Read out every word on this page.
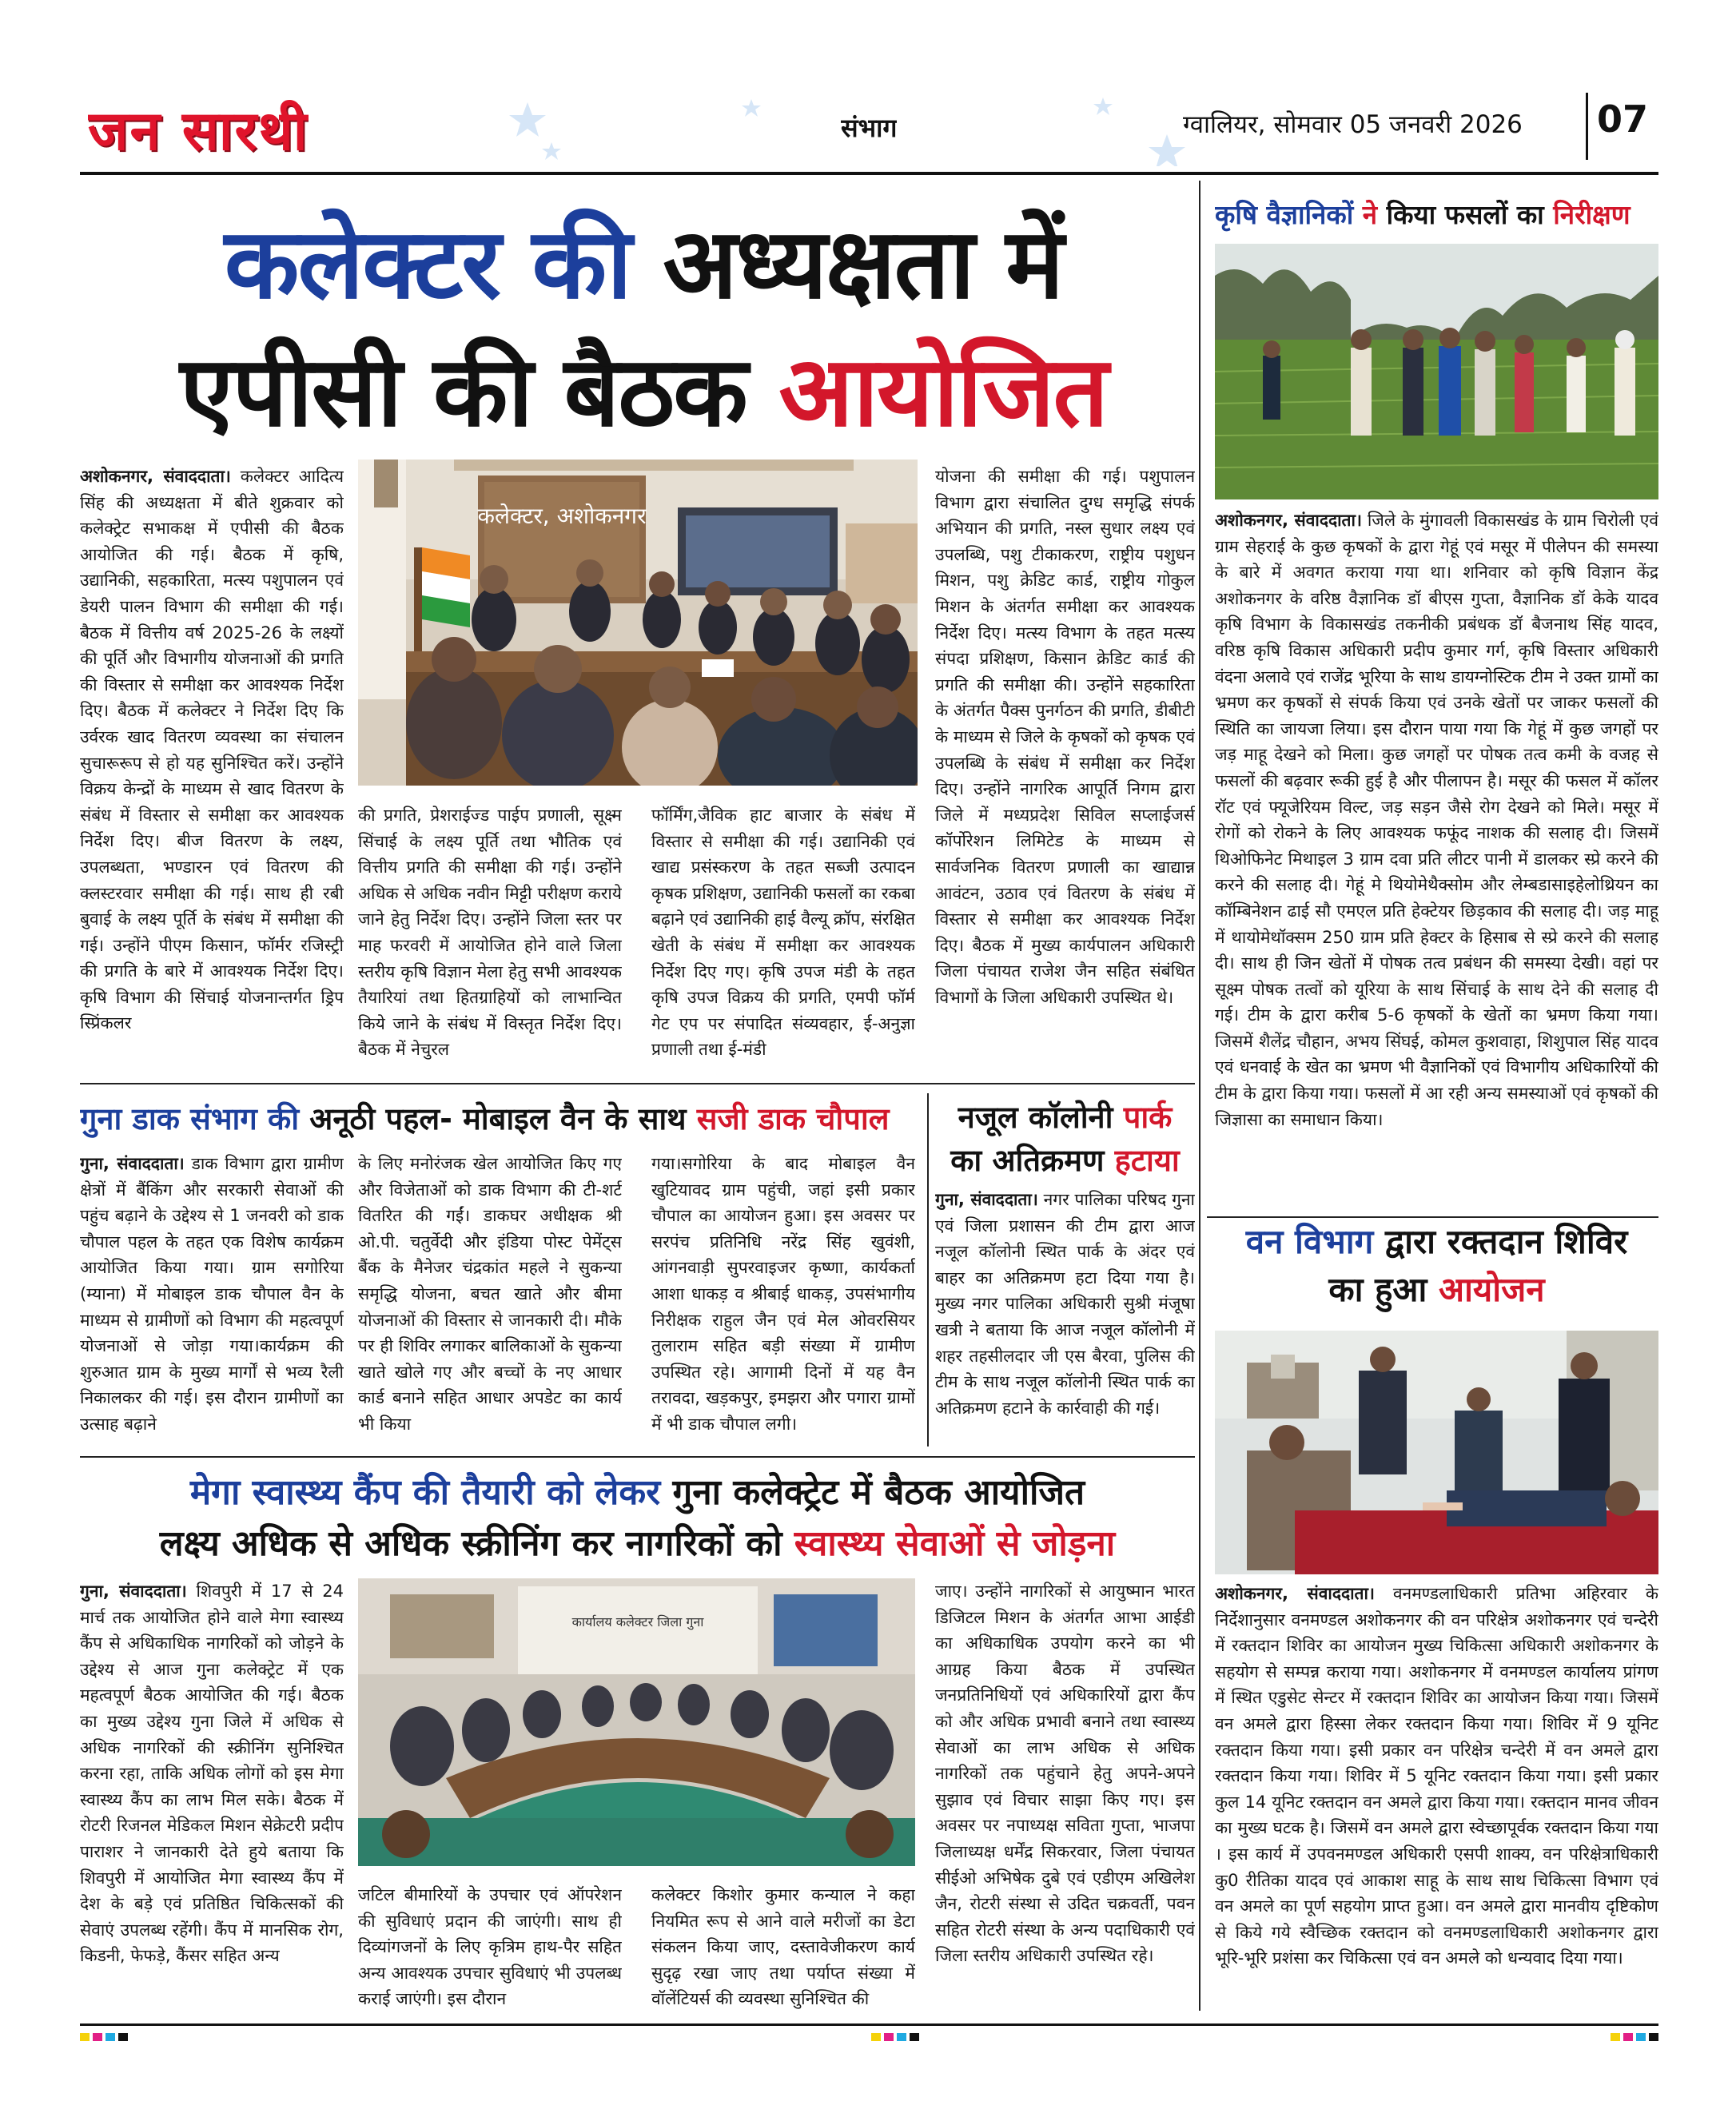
जन सारथी	संभाग	ग्वालियर, सोमवार 05 जनवरी 2026 07
कलेक्टर की अध्यक्षता में
एपीसी की बैठक आयोजित
अशोकनगर, संवाददाता। कलेक्टर आदित्य सिंह की अध्यक्षता में बीते शुक्रवार को कलेक्ट्रेट सभाकक्ष में एपीसी की बैठक आयोजित की गई। बैठक में कृषि, उद्यानिकी, सहकारिता, मत्स्य पशुपालन एवं डेयरी पालन विभाग की समीक्षा की गई। बैठक में वित्तीय वर्ष 2025-26 के लक्ष्यों की पूर्ति और विभागीय योजनाओं की प्रगति की विस्तार से समीक्षा कर आवश्यक निर्देश दिए। बैठक में कलेक्टर ने निर्देश दिए कि उर्वरक खाद वितरण व्यवस्था का संचालन सुचारूरूप से हो यह सुनिश्चित करें। उन्होंने विक्रय केन्द्रों के माध्यम से खाद वितरण के संबंध में विस्तार से समीक्षा कर आवश्यक निर्देश दिए। बीज वितरण के लक्ष्य, उपलब्धता, भण्डारन एवं वितरण की क्लस्टरवार समीक्षा की गई। साथ ही रबी बुवाई के लक्ष्य पूर्ति के संबंध में समीक्षा की गई। उन्होंने पीएम किसान, फॉर्मर रजिस्ट्री की प्रगति के बारे में आवश्यक निर्देश दिए। कृषि विभाग की सिंचाई योजनान्तर्गत ड्रिप स्प्रिंकलर
कलेक्टर, अशोकनगर
की प्रगति, प्रेशराईज्ड पाईप प्रणाली, सूक्ष्म सिंचाई के लक्ष्य पूर्ति तथा भौतिक एवं वित्तीय प्रगति की समीक्षा की गई। उन्होंने अधिक से अधिक नवीन मिट्टी परीक्षण कराये जाने हेतु निर्देश दिए। उन्होंने जिला स्तर पर माह फरवरी में आयोजित होने वाले जिला स्तरीय कृषि विज्ञान मेला हेतु सभी आवश्यक तैयारियां तथा हितग्राहियों को लाभान्वित किये जाने के संबंध में विस्तृत निर्देश दिए। बैठक में नेचुरल
फॉर्मिंग,जैविक हाट बाजार के संबंध में विस्तार से समीक्षा की गई। उद्यानिकी एवं खाद्य प्रसंस्करण के तहत सब्जी उत्पादन कृषक प्रशिक्षण, उद्यानिकी फसलों का रकबा बढ़ाने एवं उद्यानिकी हाई वैल्यू क्रॉप, संरक्षित खेती के संबंध में समीक्षा कर आवश्यक निर्देश दिए गए। कृषि उपज मंडी के तहत कृषि उपज विक्रय की प्रगति, एमपी फॉर्म गेट एप पर संपादित संव्यवहार, ई-अनुज्ञा प्रणाली तथा ई-मंडी
योजना की समीक्षा की गई। पशुपालन विभाग द्वारा संचालित दुग्ध समृद्धि संपर्क अभियान की प्रगति, नस्ल सुधार लक्ष्य एवं उपलब्धि, पशु टीकाकरण, राष्ट्रीय पशुधन मिशन, पशु क्रेडिट कार्ड, राष्ट्रीय गोकुल मिशन के अंतर्गत समीक्षा कर आवश्यक निर्देश दिए। मत्स्य विभाग के तहत मत्स्य संपदा प्रशिक्षण, किसान क्रेडिट कार्ड की प्रगति की समीक्षा की। उन्होंने सहकारिता के अंतर्गत पैक्स पुनर्गठन की प्रगति, डीबीटी के माध्यम से जिले के कृषकों को कृषक एवं उपलब्धि के संबंध में समीक्षा कर निर्देश दिए। उन्होंने नागरिक आपूर्ति निगम द्वारा जिले में मध्यप्रदेश सिविल सप्लाईजर्स कॉर्पोरेशन लिमिटेड के माध्यम से सार्वजनिक वितरण प्रणाली का खाद्यान्न आवंटन, उठाव एवं वितरण के संबंध में विस्तार से समीक्षा कर आवश्यक निर्देश दिए। बैठक में मुख्य कार्यपालन अधिकारी जिला पंचायत राजेश जैन सहित संबंधित विभागों के जिला अधिकारी उपस्थित थे।
कृषि वैज्ञानिकों ने किया फसलों का निरीक्षण
अशोकनगर, संवाददाता। जिले के मुंगावली विकासखंड के ग्राम चिरोली एवं ग्राम सेहराई के कुछ कृषकों के द्वारा गेहूं एवं मसूर में पीलेपन की समस्या के बारे में अवगत कराया गया था। शनिवार को कृषि विज्ञान केंद्र अशोकनगर के वरिष्ठ वैज्ञानिक डॉ बीएस गुप्ता, वैज्ञानिक डॉ केके यादव कृषि विभाग के विकासखंड तकनीकी प्रबंधक डॉ बैजनाथ सिंह यादव, वरिष्ठ कृषि विकास अधिकारी प्रदीप कुमार गर्ग, कृषि विस्तार अधिकारी वंदना अलावे एवं राजेंद्र भूरिया के साथ डायग्नोस्टिक टीम ने उक्त ग्रामों का भ्रमण कर कृषकों से संपर्क किया एवं उनके खेतों पर जाकर फसलों की स्थिति का जायजा लिया। इस दौरान पाया गया कि गेहूं में कुछ जगहों पर जड़ माहू देखने को मिला। कुछ जगहों पर पोषक तत्व कमी के वजह से फसलों की बढ़वार रूकी हुई है और पीलापन है। मसूर की फसल में कॉलर रॉट एवं फ्यूजेरियम विल्ट, जड़ सड़न जैसे रोग देखने को मिले। मसूर में रोगों को रोकने के लिए आवश्यक फफूंद नाशक की सलाह दी। जिसमें थिओफिनेट मिथाइल 3 ग्राम दवा प्रति लीटर पानी में डालकर स्प्रे करने की करने की सलाह दी। गेहूं मे थियोमेथैक्सोम और लेम्बडासाइहेलोथ्रियन का कॉम्बिनेशन ढाई सौ एमएल प्रति हेक्टेयर छिड़काव की सलाह दी। जड़ माहू में थायोमेथॉक्सम 250 ग्राम प्रति हेक्टर के हिसाब से स्प्रे करने की सलाह दी। साथ ही जिन खेतों में पोषक तत्व प्रबंधन की समस्या देखी। वहां पर सूक्ष्म पोषक तत्वों को यूरिया के साथ सिंचाई के साथ देने की सलाह दी गई। टीम के द्वारा करीब 5-6 कृषकों के खेतों का भ्रमण किया गया। जिसमें शैलेंद्र चौहान, अभय सिंघई, कोमल कुशवाहा, शिशुपाल सिंह यादव एवं धनवाई के खेत का भ्रमण भी वैज्ञानिकों एवं विभागीय अधिकारियों की टीम के द्वारा किया गया। फसलों में आ रही अन्य समस्याओं एवं कृषकों की जिज्ञासा का समाधान किया।
वन विभाग द्वारा रक्तदान शिविर
का हुआ आयोजन
अशोकनगर, संवाददाता। वनमण्डलाधिकारी प्रतिभा अहिरवार के निर्देशानुसार वनमण्डल अशोकनगर की वन परिक्षेत्र अशोकनगर एवं चन्देरी में रक्तदान शिविर का आयोजन मुख्य चिकित्सा अधिकारी अशोकनगर के सहयोग से सम्पन्न कराया गया। अशोकनगर में वनमण्डल कार्यालय प्रांगण में स्थित एडुसेट सेन्टर में रक्तदान शिविर का आयोजन किया गया। जिसमें वन अमले द्वारा हिस्सा लेकर रक्तदान किया गया। शिविर में 9 यूनिट रक्तदान किया गया। इसी प्रकार वन परिक्षेत्र चन्देरी में वन अमले द्वारा रक्तदान किया गया। शिविर में 5 यूनिट रक्तदान किया गया। इसी प्रकार कुल 14 यूनिट रक्तदान वन अमले द्वारा किया गया। रक्तदान मानव जीवन का मुख्य घटक है। जिसमें वन अमले द्वारा स्वेच्छापूर्वक रक्तदान किया गया । इस कार्य में उपवनमण्डल अधिकारी एसपी शाक्य, वन परिक्षेत्राधिकारी कु0 रीतिका यादव एवं आकाश साहू के साथ साथ चिकित्सा विभाग एवं वन अमले का पूर्ण सहयोग प्राप्त हुआ। वन अमले द्वारा मानवीय दृष्टिकोण से किये गये स्वैच्छिक रक्तदान को वनमण्डलाधिकारी अशोकनगर द्वारा भूरि-भूरि प्रशंसा कर चिकित्सा एवं वन अमले को धन्यवाद दिया गया।
गुना डाक संभाग की अनूठी पहल- मोबाइल वैन के साथ सजी डाक चौपाल
गुना, संवाददाता। डाक विभाग द्वारा ग्रामीण क्षेत्रों में बैंकिंग और सरकारी सेवाओं की पहुंच बढ़ाने के उद्देश्य से 1 जनवरी को डाक चौपाल पहल के तहत एक विशेष कार्यक्रम आयोजित किया गया। ग्राम सगोरिया (म्याना) में मोबाइल डाक चौपाल वैन के माध्यम से ग्रामीणों को विभाग की महत्वपूर्ण योजनाओं से जोड़ा गया।कार्यक्रम की शुरुआत ग्राम के मुख्य मार्गों से भव्य रैली निकालकर की गई। इस दौरान ग्रामीणों का उत्साह बढ़ाने
के लिए मनोरंजक खेल आयोजित किए गए और विजेताओं को डाक विभाग की टी-शर्ट वितरित की गईं। डाकघर अधीक्षक श्री ओ.पी. चतुर्वेदी और इंडिया पोस्ट पेमेंट्स बैंक के मैनेजर चंद्रकांत महले ने सुकन्या समृद्धि योजना, बचत खाते और बीमा योजनाओं की विस्तार से जानकारी दी। मौके पर ही शिविर लगाकर बालिकाओं के सुकन्या खाते खोले गए और बच्चों के नए आधार कार्ड बनाने सहित आधार अपडेट का कार्य भी किया
गया।सगोरिया के बाद मोबाइल वैन खुटियावद ग्राम पहुंची, जहां इसी प्रकार चौपाल का आयोजन हुआ। इस अवसर पर सरपंच प्रतिनिधि नरेंद्र सिंह खुवंशी, आंगनवाड़ी सुपरवाइजर कृष्णा, कार्यकर्ता आशा धाकड़ व श्रीबाई धाकड़, उपसंभागीय निरीक्षक राहुल जैन एवं मेल ओवरसियर तुलाराम सहित बड़ी संख्या में ग्रामीण उपस्थित रहे। आगामी दिनों में यह वैन तरावदा, खड़कपुर, इमझरा और पगारा ग्रामों में भी डाक चौपाल लगी।
नजूल कॉलोनी पार्क
का अतिक्रमण हटाया
गुना, संवाददाता। नगर पालिका परिषद गुना एवं जिला प्रशासन की टीम द्वारा आज नजूल कॉलोनी स्थित पार्क के अंदर एवं बाहर का अतिक्रमण हटा दिया गया है। मुख्य नगर पालिका अधिकारी सुश्री मंजूषा खत्री ने बताया कि आज नजूल कॉलोनी में शहर तहसीलदार जी एस बैरवा, पुलिस की टीम के साथ नजूल कॉलोनी स्थित पार्क का अतिक्रमण हटाने के कार्रवाही की गई।
मेगा स्वास्थ्य कैंप की तैयारी को लेकर गुना कलेक्ट्रेट में बैठक आयोजित
लक्ष्य अधिक से अधिक स्क्रीनिंग कर नागरिकों को स्वास्थ्य सेवाओं से जोड़ना
गुना, संवाददाता। शिवपुरी में 17 से 24 मार्च तक आयोजित होने वाले मेगा स्वास्थ्य कैंप से अधिकाधिक नागरिकों को जोड़ने के उद्देश्य से आज गुना कलेक्ट्रेट में एक महत्वपूर्ण बैठक आयोजित की गई। बैठक का मुख्य उद्देश्य गुना जिले में अधिक से अधिक नागरिकों की स्क्रीनिंग सुनिश्चित करना रहा, ताकि अधिक लोगों को इस मेगा स्वास्थ्य कैंप का लाभ मिल सके। बैठक में रोटरी रिजनल मेडिकल मिशन सेक्रेटरी प्रदीप पाराशर ने जानकारी देते हुये बताया कि शिवपुरी में आयोजित मेगा स्वास्थ्य कैंप में देश के बड़े एवं प्रतिष्ठित चिकित्सकों की सेवाएं उपलब्ध रहेंगी। कैंप में मानसिक रोग, किडनी, फेफड़े, कैंसर सहित अन्य
कार्यालय कलेक्टर जिला गुना
जटिल बीमारियों के उपचार एवं ऑपरेशन की सुविधाएं प्रदान की जाएंगी। साथ ही दिव्यांगजनों के लिए कृत्रिम हाथ-पैर सहित अन्य आवश्यक उपचार सुविधाएं भी उपलब्ध कराई जाएंगी। इस दौरान
कलेक्टर किशोर कुमार कन्याल ने कहा नियमित रूप से आने वाले मरीजों का डेटा संकलन किया जाए, दस्तावेजीकरण कार्य सुदृढ़ रखा जाए तथा पर्याप्त संख्या में वॉलेंटियर्स की व्यवस्था सुनिश्चित की
जाए। उन्होंने नागरिकों से आयुष्मान भारत डिजिटल मिशन के अंतर्गत आभा आईडी का अधिकाधिक उपयोग करने का भी आग्रह किया बैठक में उपस्थित जनप्रतिनिधियों एवं अधिकारियों द्वारा कैंप को और अधिक प्रभावी बनाने तथा स्वास्थ्य सेवाओं का लाभ अधिक से अधिक नागरिकों तक पहुंचाने हेतु अपने-अपने सुझाव एवं विचार साझा किए गए। इस अवसर पर नपाध्यक्ष सविता गुप्ता, भाजपा जिलाध्यक्ष धर्मेंद्र सिकरवार, जिला पंचायत सीईओ अभिषेक दुबे एवं एडीएम अखिलेश जैन, रोटरी संस्था से उदित चक्रवर्ती, पवन सहित रोटरी संस्था के अन्य पदाधिकारी एवं जिला स्तरीय अधिकारी उपस्थित रहे।
